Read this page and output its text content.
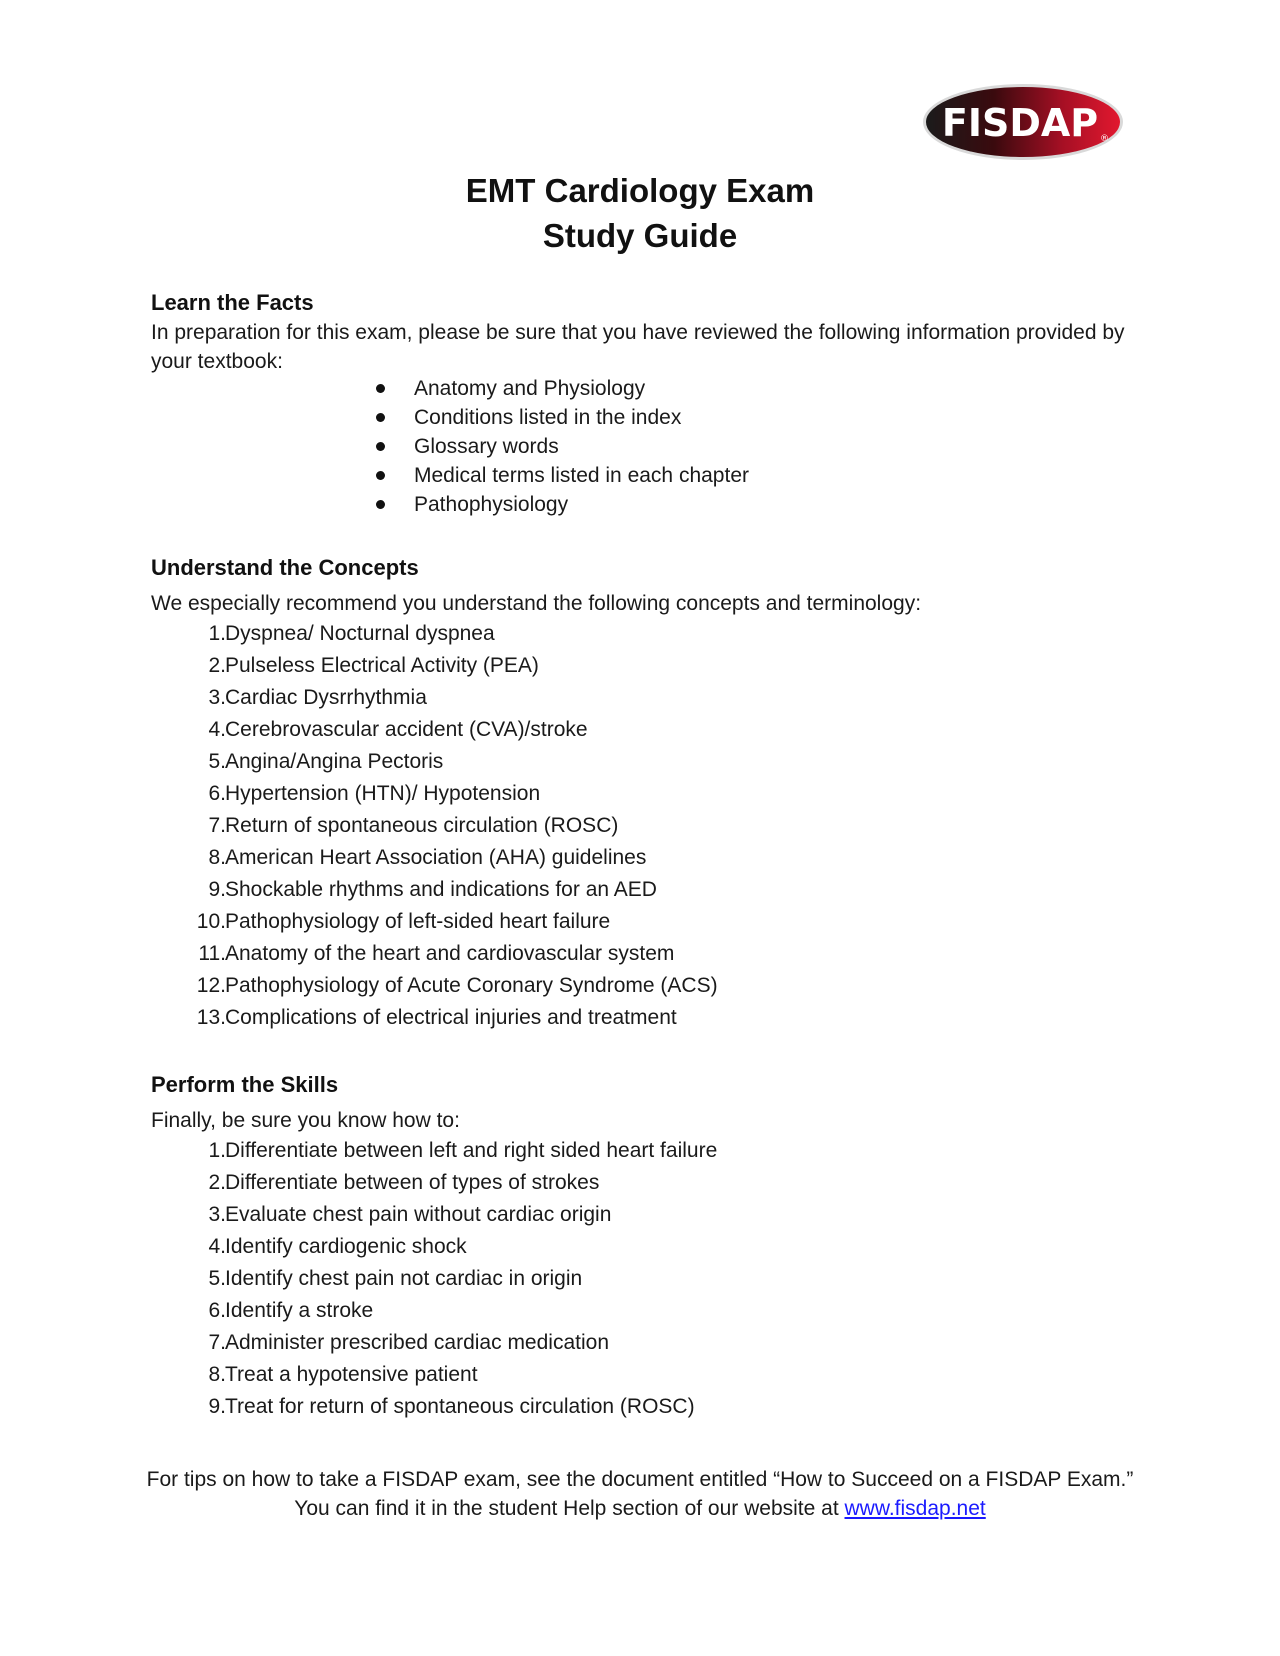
FISDAP ®
EMT Cardiology Exam
Study Guide
Learn the Facts
In preparation for this exam, please be sure that you have reviewed the following information provided by your textbook:
Anatomy and Physiology
Conditions listed in the index
Glossary words
Medical terms listed in each chapter
Pathophysiology
Understand the Concepts
We especially recommend you understand the following concepts and terminology:
1. Dyspnea/ Nocturnal dyspnea
2. Pulseless Electrical Activity (PEA)
3. Cardiac Dysrrhythmia
4. Cerebrovascular accident (CVA)/stroke
5. Angina/Angina Pectoris
6. Hypertension (HTN)/ Hypotension
7. Return of spontaneous circulation (ROSC)
8. American Heart Association (AHA) guidelines
9. Shockable rhythms and indications for an AED
10. Pathophysiology of left-sided heart failure
11. Anatomy of the heart and cardiovascular system
12. Pathophysiology of Acute Coronary Syndrome (ACS)
13. Complications of electrical injuries and treatment
Perform the Skills
Finally, be sure you know how to:
1. Differentiate between left and right sided heart failure
2. Differentiate between of types of strokes
3. Evaluate chest pain without cardiac origin
4. Identify cardiogenic shock
5. Identify chest pain not cardiac in origin
6. Identify a stroke
7. Administer prescribed cardiac medication
8. Treat a hypotensive patient
9. Treat for return of spontaneous circulation (ROSC)
For tips on how to take a FISDAP exam, see the document entitled “How to Succeed on a FISDAP Exam.”
You can find it in the student Help section of our website at www.fisdap.net
